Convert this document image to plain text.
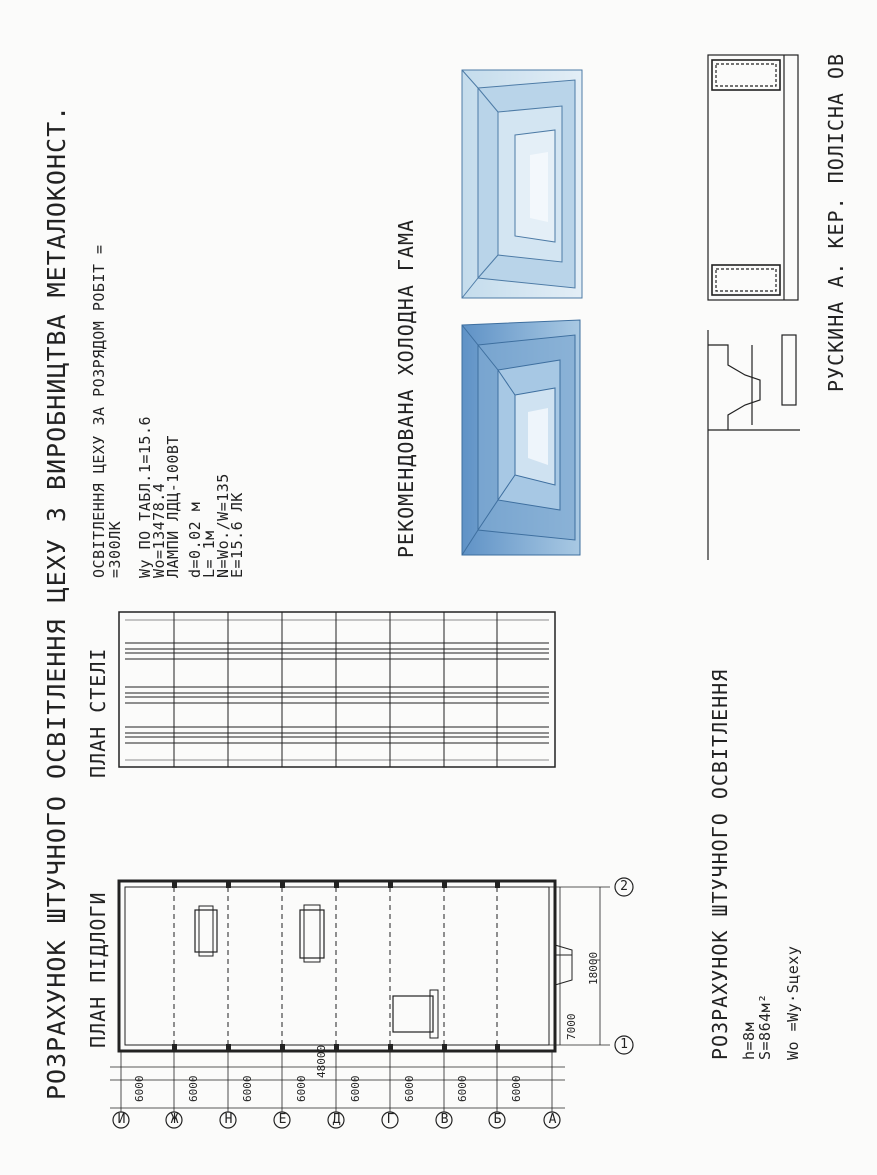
РОЗРАХУНОК ШТУЧНОГО ОСВІТЛЕННЯ ЦЕХУ З ВИРОБНИЦТВА МЕТАЛОКОНСТ. ПЛАН ПІДЛОГИ
ПЛАН СТЕЛІ
ОСВІТЛЕННЯ ЦЕХУ ЗА РОЗРЯДОМ РОБІТ =
=300ЛК Wу ПО ТАБЛ.1=15.6
Wо=13478.4
ЛАМПИ ЛДЦ-100ВТ d=0.02 м
L= 1м
N=Wо./W=135
E=15.6 ЛК	РЕКОМЕНДОВАНА ХОЛОДНА ГАМА
РОЗРАХУНОК ШТУЧНОГО ОСВІТЛЕННЯ h=8м
S=864м² Wо =Wу·Sцеху
РУСКИНА А. КЕР. ПОЛІСНА ОВ
6000	6000	6000	6000	6000	6000	6000	6000
48000
18000
7000
И	Ж	Н	Е	Д	Г	В	Б	А
1
2
